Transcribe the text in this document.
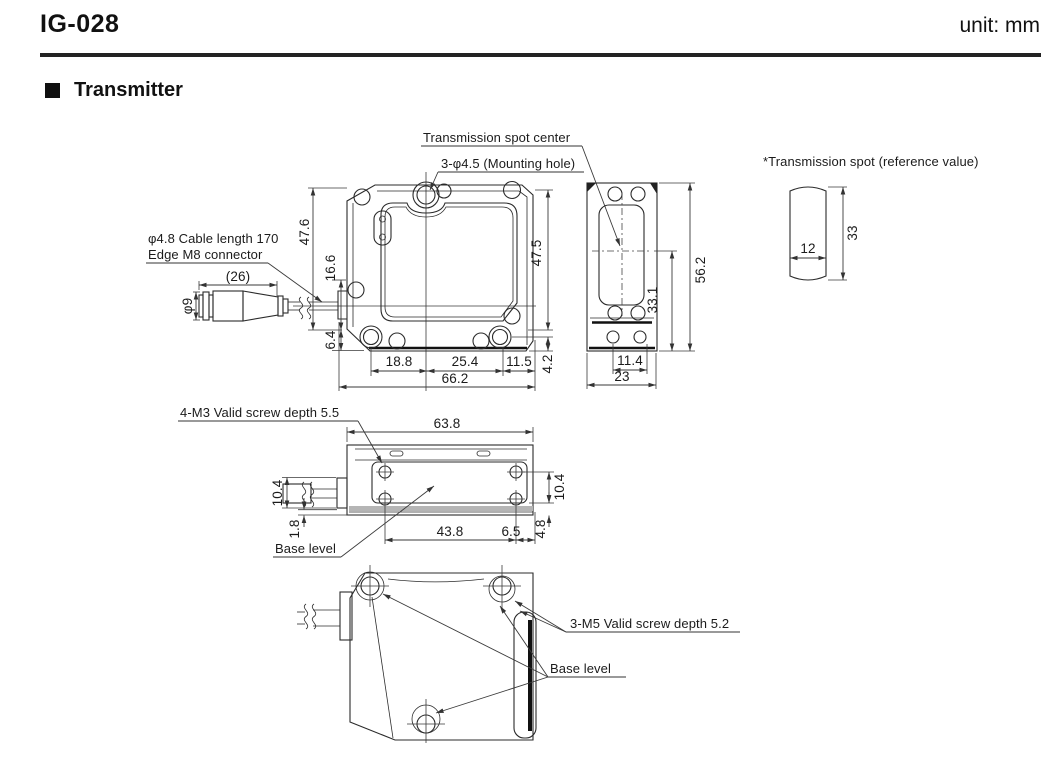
IG-028	unit: mm
Transmitter
φ9
(26)
47.6
16.6
6.4
18.8	25.4 11.5
66.2
4.2
47.5
Transmission spot center
3-φ4.5 (Mounting hole)
φ4.8 Cable length 170
Edge M8 connector
56.2
33.1
11.4
23
*Transmission spot (reference value)
12
33
4-M3 Valid screw depth 5.5
63.8
10.4
1.8	43.8	6.5
10.4
4.8
Base level
3-M5 Valid screw depth 5.2
Base level
